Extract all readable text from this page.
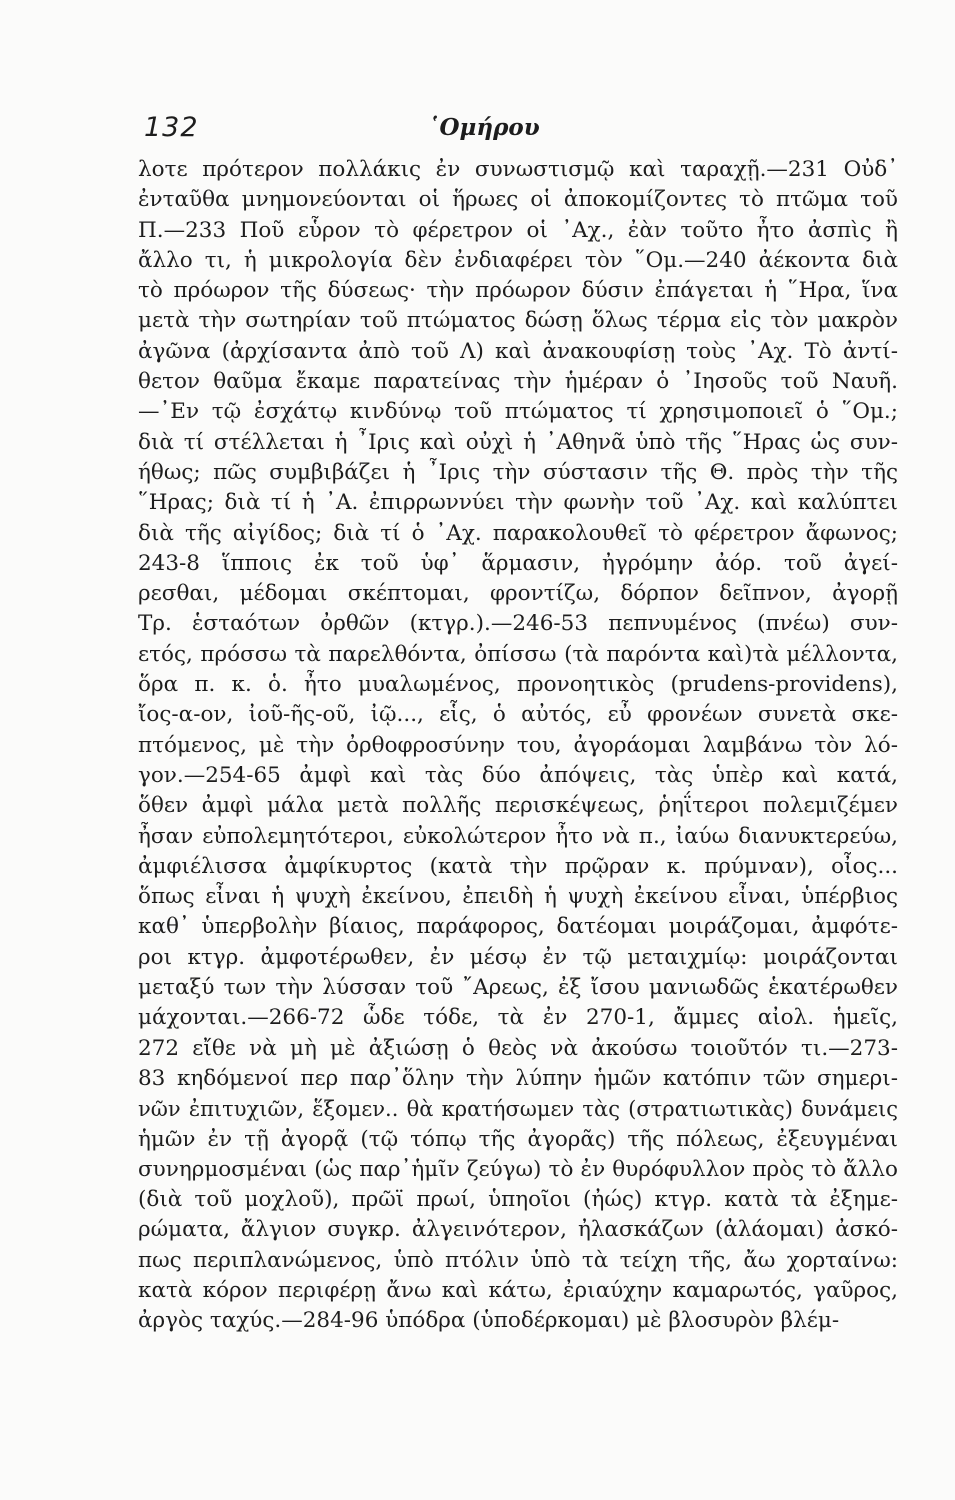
132	῾Ομήρου
λοτε πρότερον πολλάκις ἐν συνωστισμῷ καὶ ταραχῇ.—231 Οὐδ᾽
ἐνταῦθα μνημονεύονται οἱ ἥρωες οἱ ἀποκομίζοντες τὸ πτῶμα τοῦ
Π.—233 Ποῦ εὗρον τὸ φέρετρον οἱ ᾿Αχ., ἐὰν τοῦτο ἦτο ἀσπὶς ἢ
ἄλλο τι, ἡ μικρολογία δὲν ἐνδιαφέρει τὸν ῞Ομ.—240 ἀέκοντα διὰ
τὸ πρόωρον τῆς δύσεως· τὴν πρόωρον δύσιν ἐπάγεται ἡ ῞Ηρα, ἵνα
μετὰ τὴν σωτηρίαν τοῦ πτώματος δώσῃ ὅλως τέρμα εἰς τὸν μακρὸν
ἀγῶνα (ἀρχίσαντα ἀπὸ τοῦ Λ) καὶ ἀνακουφίσῃ τοὺς ᾿Αχ. Τὸ ἀντί-
θετον θαῦμα ἔκαμε παρατείνας τὴν ἡμέραν ὁ ᾿Ιησοῦς τοῦ Ναυῆ.
—᾿Εν τῷ ἐσχάτῳ κινδύνῳ τοῦ πτώματος τί χρησιμοποιεῖ ὁ ῞Ομ.;
διὰ τί στέλλεται ἡ ῏Ιρις καὶ οὐχὶ ἡ ᾿Αθηνᾶ ὑπὸ τῆς ῞Ηρας ὡς συν-
ήθως; πῶς συμβιβάζει ἡ ῏Ιρις τὴν σύστασιν τῆς Θ. πρὸς τὴν τῆς
῞Ηρας; διὰ τί ἡ ᾿Α. ἐπιρρωννύει τὴν φωνὴν τοῦ ᾿Αχ. καὶ καλύπτει
διὰ τῆς αἰγίδος; διὰ τί ὁ ᾿Αχ. παρακολουθεῖ τὸ φέρετρον ἄφωνος;
243-8 ἵπποις ἐκ τοῦ ὑφ᾽ ἅρμασιν, ἠγρόμην ἀόρ. τοῦ ἀγεί-
ρεσθαι, μέδομαι σκέπτομαι, φροντίζω, δόρπον δεῖπνον, ἀγορῇ
Τρ. ἑσταότων ὀρθῶν (κτγρ.).—246-53 πεπνυμένος (πνέω) συν-
ετός, πρόσσω τὰ παρελθόντα, ὀπίσσω (τὰ παρόντα καὶ)τὰ μέλλοντα,
ὅρα π. κ. ὁ. ἦτο μυαλωμένος, προνοητικὸς (prudens-providens),
ἴος-α-ον, ἰοῦ-ῆς-οῦ, ἰῷ..., εἷς, ὁ αὐτός, εὖ φρονέων συνετὰ σκε-
πτόμενος, μὲ τὴν ὀρθοφροσύνην του, ἀγοράομαι λαμβάνω τὸν λό-
γον.—254-65 ἀμφὶ καὶ τὰς δύο ἀπόψεις, τὰς ὑπὲρ καὶ κατά,
ὅθεν ἀμφὶ μάλα μετὰ πολλῆς περισκέψεως, ῥηΐτεροι πολεμιζέμεν
ἦσαν εὐπολεμητότεροι, εὐκολώτερον ἦτο νὰ π., ἰαύω διανυκτερεύω,
ἀμφιέλισσα ἀμφίκυρτος (κατὰ τὴν πρῷραν κ. πρύμναν), οἶος...
ὅπως εἶναι ἡ ψυχὴ ἐκείνου, ἐπειδὴ ἡ ψυχὴ ἐκείνου εἶναι, ὑπέρβιος
καθ᾽ ὑπερβολὴν βίαιος, παράφορος, δατέομαι μοιράζομαι, ἀμφότε-
ροι κτγρ. ἀμφοτέρωθεν, ἐν μέσῳ ἐν τῷ μεταιχμίῳ: μοιράζονται
μεταξύ των τὴν λύσσαν τοῦ ῎Αρεως, ἐξ ἴσου μανιωδῶς ἑκατέρωθεν
μάχονται.—266-72 ὧδε τόδε, τὰ ἐν 270-1, ἄμμες αἰολ. ἡμεῖς,
272 εἴθε νὰ μὴ μὲ ἀξιώσῃ ὁ θεὸς νὰ ἀκούσω τοιοῦτόν τι.—273-
83 κηδόμενοί περ παρ᾽ὅλην τὴν λύπην ἡμῶν κατόπιν τῶν σημερι-
νῶν ἐπιτυχιῶν, ἕξομεν.. θὰ κρατήσωμεν τὰς (στρατιωτικὰς) δυνάμεις
ἡμῶν ἐν τῇ ἀγορᾷ (τῷ τόπῳ τῆς ἀγορᾶς) τῆς πόλεως, ἐξευγμέναι
συνηρμοσμέναι (ὡς παρ᾽ἡμῖν ζεύγω) τὸ ἐν θυρόφυλλον πρὸς τὸ ἄλλο
(διὰ τοῦ μοχλοῦ), πρῶϊ πρωί, ὑπηοῖοι (ἠώς) κτγρ. κατὰ τὰ ἐξημε-
ρώματα, ἄλγιον συγκρ. ἀλγεινότερον, ἠλασκάζων (ἀλάομαι) ἀσκό-
πως περιπλανώμενος, ὑπὸ πτόλιν ὑπὸ τὰ τείχη τῆς, ἄω χορταίνω:
κατὰ κόρον περιφέρῃ ἄνω καὶ κάτω, ἐριαύχην καμαρωτός, γαῦρος,
ἀργὸς ταχύς.—284-96 ὑπόδρα (ὑποδέρκομαι) μὲ βλοσυρὸν βλέμ-
